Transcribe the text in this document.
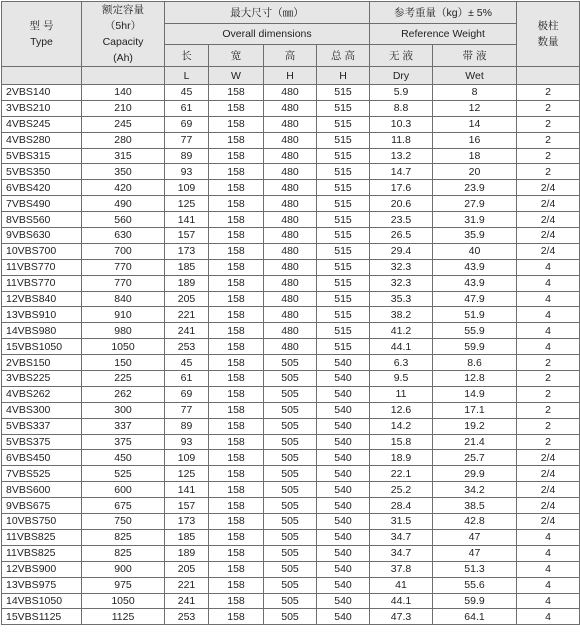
型 号
Type	额定容量
（5hr）
Capacity
(Ah)	最大尺寸（㎜）				参考重量（kg）± 5%		极柱
数量

		Overall dimensions				Reference Weight		

		长	宽	高	总 高	无 液	带 液	

		L	W	H	H	Dry	Wet	
2VBS140	140	45	158	480	515	5.9	8	2
3VBS210	210	61	158	480	515	8.8	12	2
4VBS245	245	69	158	480	515	10.3	14	2
4VBS280	280	77	158	480	515	11.8	16	2
5VBS315	315	89	158	480	515	13.2	18	2
5VBS350	350	93	158	480	515	14.7	20	2
6VBS420	420	109	158	480	515	17.6	23.9	2/4
7VBS490	490	125	158	480	515	20.6	27.9	2/4
8VBS560	560	141	158	480	515	23.5	31.9	2/4
9VBS630	630	157	158	480	515	26.5	35.9	2/4
10VBS700	700	173	158	480	515	29.4	40	2/4
11VBS770	770	185	158	480	515	32.3	43.9	4
11VBS770	770	189	158	480	515	32.3	43.9	4
12VBS840	840	205	158	480	515	35.3	47.9	4
13VBS910	910	221	158	480	515	38.2	51.9	4
14VBS980	980	241	158	480	515	41.2	55.9	4
15VBS1050	1050	253	158	480	515	44.1	59.9	4
2VBS150	150	45	158	505	540	6.3	8.6	2
3VBS225	225	61	158	505	540	9.5	12.8	2
4VBS262	262	69	158	505	540	11	14.9	2
4VBS300	300	77	158	505	540	12.6	17.1	2
5VBS337	337	89	158	505	540	14.2	19.2	2
5VBS375	375	93	158	505	540	15.8	21.4	2
6VBS450	450	109	158	505	540	18.9	25.7	2/4
7VBS525	525	125	158	505	540	22.1	29.9	2/4
8VBS600	600	141	158	505	540	25.2	34.2	2/4
9VBS675	675	157	158	505	540	28.4	38.5	2/4
10VBS750	750	173	158	505	540	31.5	42.8	2/4
11VBS825	825	185	158	505	540	34.7	47	4
11VBS825	825	189	158	505	540	34.7	47	4
12VBS900	900	205	158	505	540	37.8	51.3	4
13VBS975	975	221	158	505	540	41	55.6	4
14VBS1050	1050	241	158	505	540	44.1	59.9	4
15VBS1125	1125	253	158	505	540	47.3	64.1	4
